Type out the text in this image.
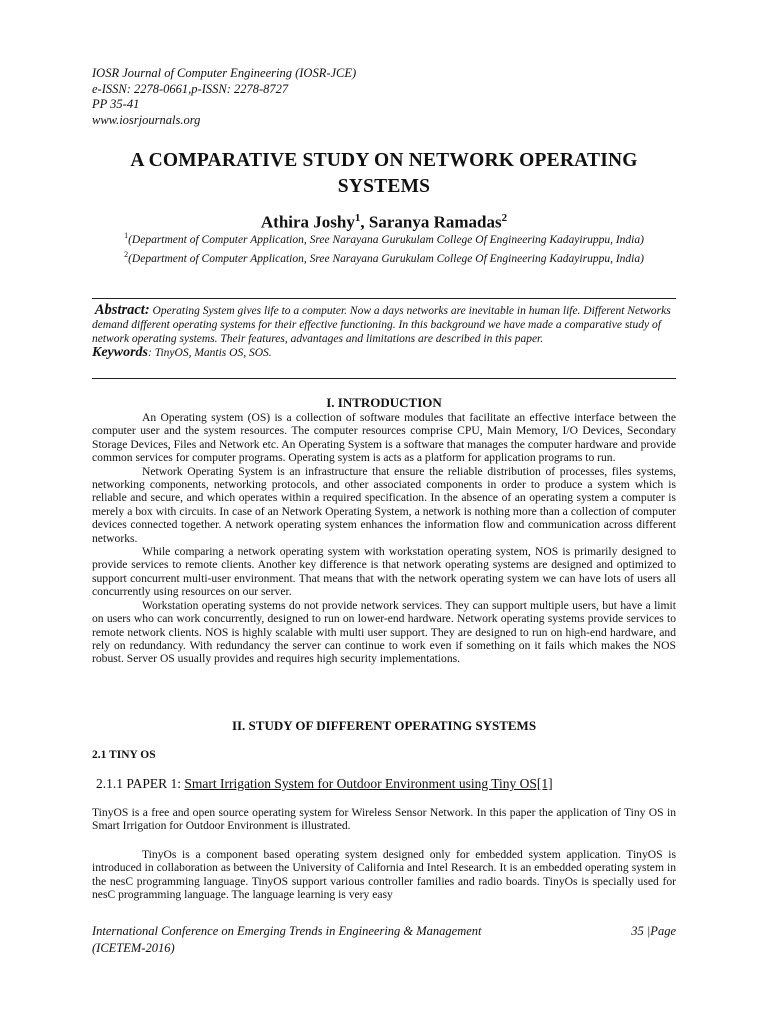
IOSR Journal of Computer Engineering (IOSR-JCE)
e-ISSN: 2278-0661,p-ISSN: 2278-8727
PP 35-41
www.iosrjournals.org
A COMPARATIVE STUDY ON NETWORK OPERATING
SYSTEMS
Athira Joshy$^1$, Saranya Ramadas$^2$

$^1$(Department of Computer Application, Sree Narayana Gurukulam College Of Engineering Kadayiruppu, India)

$^2$(Department of Computer Application, Sree Narayana Gurukulam College Of Engineering Kadayiruppu, India)

Abstract: Operating System gives life to a computer. Now a days networks are inevitable in human life. Different Networks demand different operating systems for their effective functioning. In this background we have made a comparative study of network operating systems. Their features, advantages and limitations are described in this paper.

Keywords: TinyOS, Mantis OS, SOS.

I. INTRODUCTION

An Operating system (OS) is a collection of software modules that facilitate an effective interface between the computer user and the system resources. The computer resources comprise CPU, Main Memory, I/O Devices, Secondary Storage Devices, Files and Network etc. An Operating System is a software that manages the computer hardware and provide common services for computer programs. Operating system is acts as a platform for application programs to run.

Network Operating System is an infrastructure that ensure the reliable distribution of processes, files systems, networking components, networking protocols, and other associated components in order to produce a system which is reliable and secure, and which operates within a required specification. In the absence of an operating system a computer is merely a box with circuits. In case of an Network Operating System, a network is nothing more than a collection of computer devices connected together. A network operating system enhances the information flow and communication across different networks.

While comparing a network operating system with workstation operating system, NOS is primarily designed to provide services to remote clients. Another key difference is that network operating systems are designed and optimized to support concurrent multi-user environment. That means that with the network operating system we can have lots of users all concurrently using resources on our server.

Workstation operating systems do not provide network services. They can support multiple users, but have a limit on users who can work concurrently, designed to run on lower-end hardware. Network operating systems provide services to remote network clients. NOS is highly scalable with multi user support. They are designed to run on high-end hardware, and rely on redundancy. With redundancy the server can continue to work even if something on it fails which makes the NOS robust. Server OS usually provides and requires high security implementations.

II. STUDY OF DIFFERENT OPERATING SYSTEMS
2.1 TINY OS
2.1.1 PAPER 1: Smart Irrigation System for Outdoor Environment using Tiny OS[1]

TinyOS is a free and open source operating system for Wireless Sensor Network. In this paper the application of Tiny OS in Smart Irrigation for Outdoor Environment is illustrated.

TinyOs is a component based operating system designed only for embedded system application. TinyOS is introduced in collaboration as between the University of California and Intel Research. It is an embedded operating system in the nesC programming language. TinyOS support various controller families and radio boards. TinyOs is specially used for nesC programming language. The language learning is very easy

International Conference on Emerging Trends in Engineering & Management	35 |Page
(ICETEM-2016)
